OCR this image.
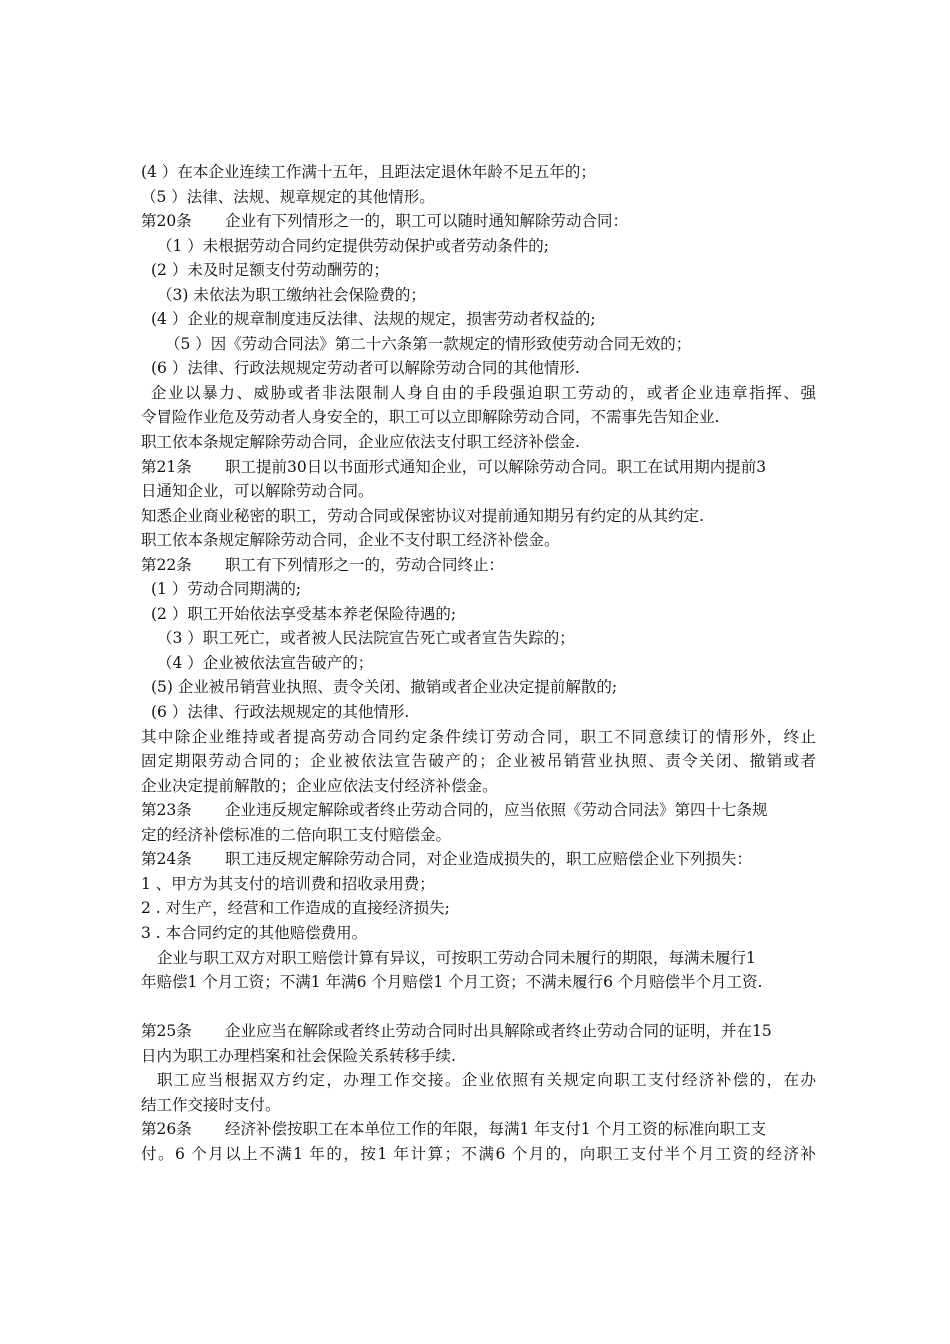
(4 ）在本企业连续工作满十五年，且距法定退休年龄不足五年的；
（5 ）法律、法规、规章规定的其他情形。
第20条 企业有下列情形之一的，职工可以随时通知解除劳动合同：
（1 ）未根据劳动合同约定提供劳动保护或者劳动条件的;
(2 ）未及时足额支付劳动酬劳的；
（3) 未依法为职工缴纳社会保险费的；
(4 ）企业的规章制度违反法律、法规的规定，损害劳动者权益的;
（5 ）因《劳动合同法》第二十六条第一款规定的情形致使劳动合同无效的；
(6 ）法律、行政法规规定劳动者可以解除劳动合同的其他情形.
企业以暴力、威胁或者非法限制人身自由的手段强迫职工劳动的，或者企业违章指挥、强
令冒险作业危及劳动者人身安全的，职工可以立即解除劳动合同，不需事先告知企业.
职工依本条规定解除劳动合同，企业应依法支付职工经济补偿金.
第21条 职工提前30日以书面形式通知企业，可以解除劳动合同。职工在试用期内提前3
日通知企业，可以解除劳动合同。
知悉企业商业秘密的职工，劳动合同或保密协议对提前通知期另有约定的从其约定.
职工依本条规定解除劳动合同，企业不支付职工经济补偿金。
第22条 职工有下列情形之一的，劳动合同终止：
(1 ）劳动合同期满的;
(2 ）职工开始依法享受基本养老保险待遇的;
（3 ）职工死亡，或者被人民法院宣告死亡或者宣告失踪的；
（4 ）企业被依法宣告破产的；
(5) 企业被吊销营业执照、责令关闭、撤销或者企业决定提前解散的;
(6 ）法律、行政法规规定的其他情形.
其中除企业维持或者提高劳动合同约定条件续订劳动合同，职工不同意续订的情形外，终止
固定期限劳动合同的；企业被依法宣告破产的；企业被吊销营业执照、责令关闭、撤销或者
企业决定提前解散的；企业应依法支付经济补偿金。
第23条 企业违反规定解除或者终止劳动合同的，应当依照《劳动合同法》第四十七条规
定的经济补偿标准的二倍向职工支付赔偿金。
第24条 职工违反规定解除劳动合同，对企业造成损失的，职工应赔偿企业下列损失：
1 、甲方为其支付的培训费和招收录用费；
2 . 对生产，经营和工作造成的直接经济损失;
3 . 本合同约定的其他赔偿费用。
企业与职工双方对职工赔偿计算有异议，可按职工劳动合同未履行的期限，每满未履行1
年赔偿1 个月工资；不满1 年满6 个月赔偿1 个月工资；不满未履行6 个月赔偿半个月工资.
第25条 企业应当在解除或者终止劳动合同时出具解除或者终止劳动合同的证明，并在15
日内为职工办理档案和社会保险关系转移手续.
职工应当根据双方约定，办理工作交接。企业依照有关规定向职工支付经济补偿的，在办
结工作交接时支付。
第26条 经济补偿按职工在本单位工作的年限，每满1 年支付1 个月工资的标准向职工支
付。6 个月以上不满1 年的，按1 年计算；不满6 个月的，向职工支付半个月工资的经济补
